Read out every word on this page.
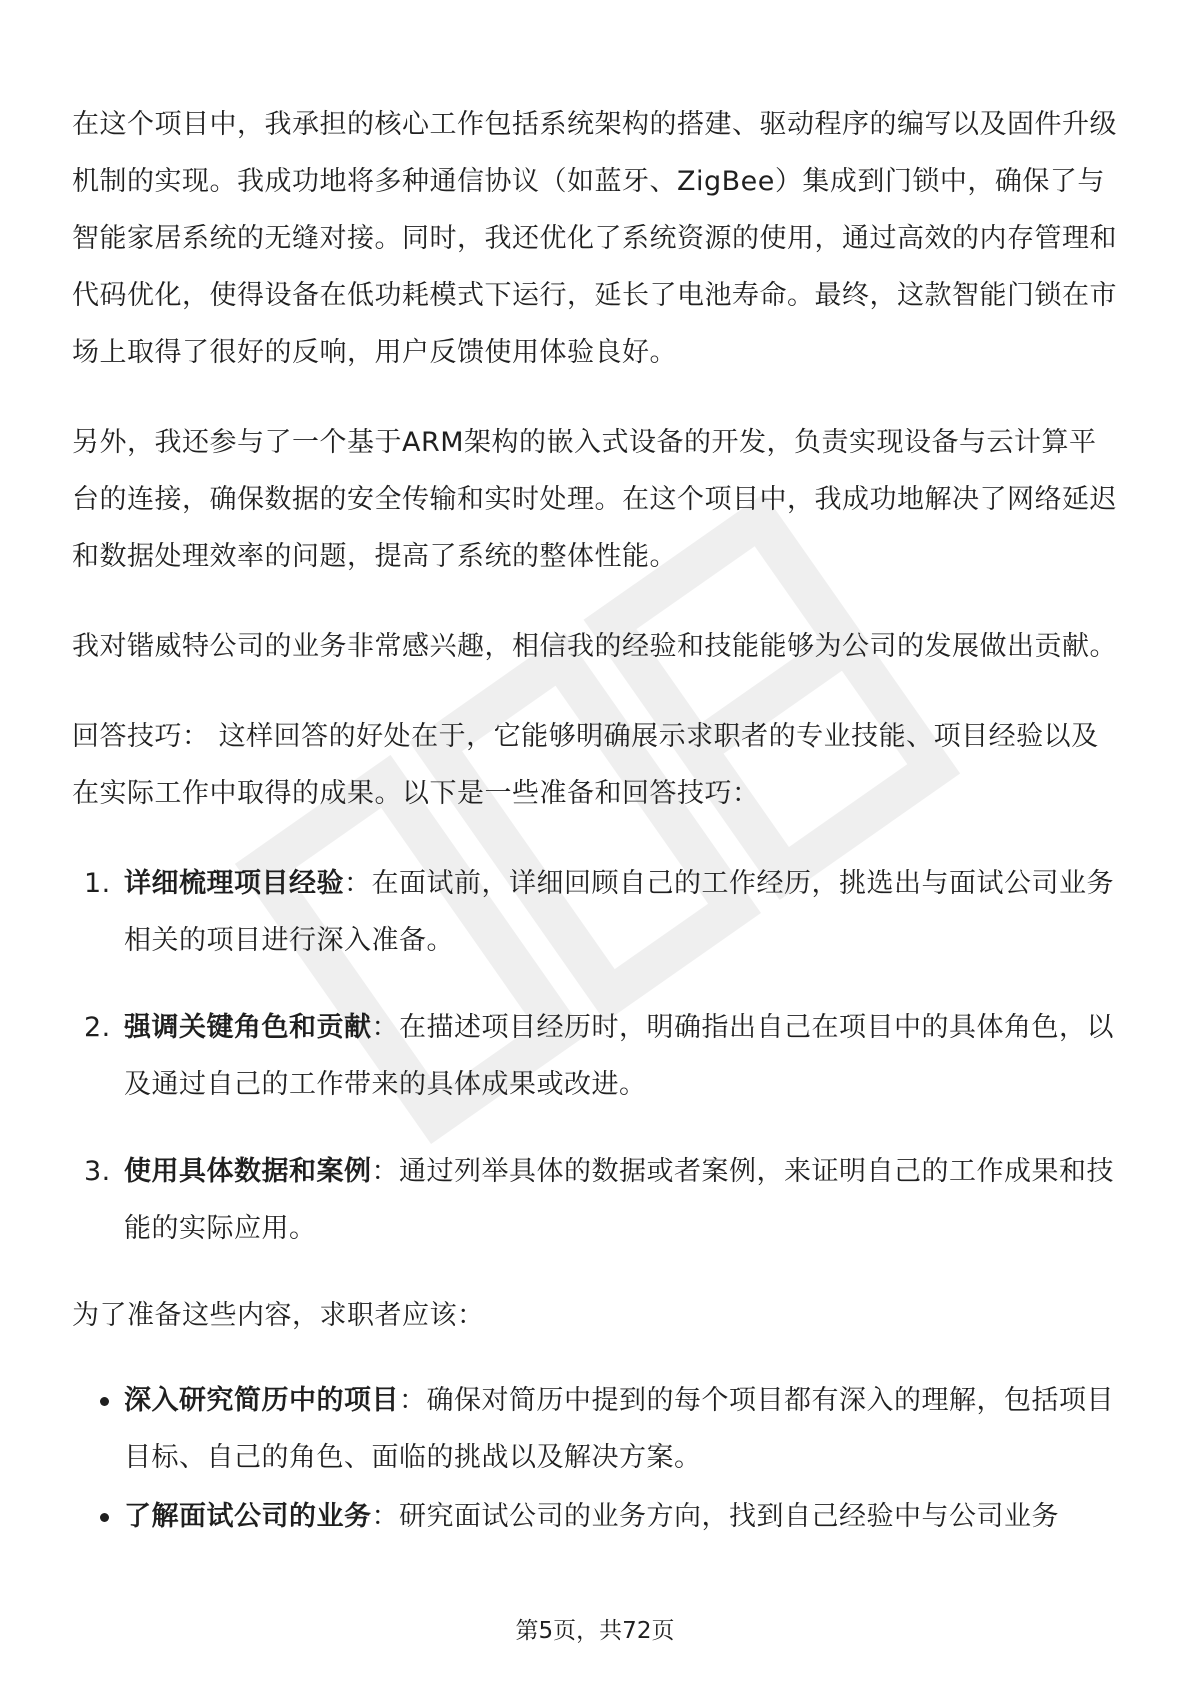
在这个项目中，我承担的核心工作包括系统架构的搭建、驱动程序的编写以及固件升级机制的实现。我成功地将多种通信协议（如蓝牙、ZigBee）集成到门锁中，确保了与智能家居系统的无缝对接。同时，我还优化了系统资源的使用，通过高效的内存管理和代码优化，使得设备在低功耗模式下运行，延长了电池寿命。最终，这款智能门锁在市场上取得了很好的反响，用户反馈使用体验良好。

另外，我还参与了一个基于ARM架构的嵌入式设备的开发，负责实现设备与云计算平台的连接，确保数据的安全传输和实时处理。在这个项目中，我成功地解决了网络延迟和数据处理效率的问题，提高了系统的整体性能。

我对锴威特公司的业务非常感兴趣，相信我的经验和技能能够为公司的发展做出贡献。

回答技巧： 这样回答的好处在于，它能够明确展示求职者的专业技能、项目经验以及在实际工作中取得的成果。以下是一些准备和回答技巧：

1. 详细梳理项目经验：在面试前，详细回顾自己的工作经历，挑选出与面试公司业务相关的项目进行深入准备。
2. 强调关键角色和贡献：在描述项目经历时，明确指出自己在项目中的具体角色，以及通过自己的工作带来的具体成果或改进。
3. 使用具体数据和案例：通过列举具体的数据或者案例，来证明自己的工作成果和技能的实际应用。

为了准备这些内容，求职者应该：

深入研究简历中的项目：确保对简历中提到的每个项目都有深入的理解，包括项目目标、自己的角色、面临的挑战以及解决方案。
了解面试公司的业务：研究面试公司的业务方向，找到自己经验中与公司业务
第5页，共72页
